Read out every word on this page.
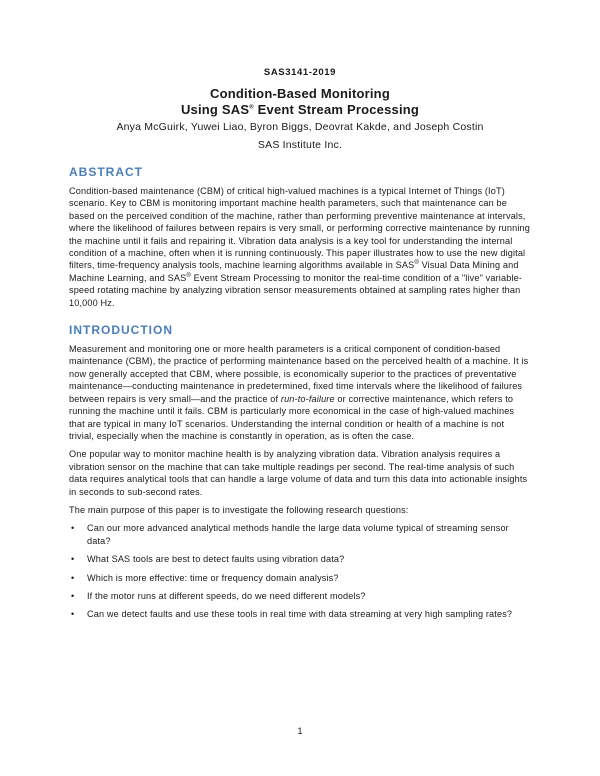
SAS3141-2019
Condition-Based Monitoring
Using SAS® Event Stream Processing
Anya McGuirk, Yuwei Liao, Byron Biggs, Deovrat Kakde, and Joseph Costin
SAS Institute Inc.
ABSTRACT

Condition-based maintenance (CBM) of critical high-valued machines is a typical Internet of Things (IoT) scenario. Key to CBM is monitoring important machine health parameters, such that maintenance can be based on the perceived condition of the machine, rather than performing preventive maintenance at intervals, where the likelihood of failures between repairs is very small, or performing corrective maintenance by running the machine until it fails and repairing it. Vibration data analysis is a key tool for understanding the internal condition of a machine, often when it is running continuously. This paper illustrates how to use the new digital filters, time-frequency analysis tools, machine learning algorithms available in SAS® Visual Data Mining and Machine Learning, and SAS® Event Stream Processing to monitor the real-time condition of a "live" variable-speed rotating machine by analyzing vibration sensor measurements obtained at sampling rates higher than 10,000 Hz.

INTRODUCTION

Measurement and monitoring one or more health parameters is a critical component of condition-based maintenance (CBM), the practice of performing maintenance based on the perceived health of a machine. It is now generally accepted that CBM, where possible, is economically superior to the practices of preventative maintenance—conducting maintenance in predetermined, fixed time intervals where the likelihood of failures between repairs is very small—and the practice of run-to-failure or corrective maintenance, which refers to running the machine until it fails. CBM is particularly more economical in the case of high-valued machines that are typical in many IoT scenarios. Understanding the internal condition or health of a machine is not trivial, especially when the machine is constantly in operation, as is often the case.

One popular way to monitor machine health is by analyzing vibration data. Vibration analysis requires a vibration sensor on the machine that can take multiple readings per second. The real-time analysis of such data requires analytical tools that can handle a large volume of data and turn this data into actionable insights in seconds to sub-second rates.

The main purpose of this paper is to investigate the following research questions:

• Can our more advanced analytical methods handle the large data volume typical of streaming sensor data?
• What SAS tools are best to detect faults using vibration data?
• Which is more effective: time or frequency domain analysis?
• If the motor runs at different speeds, do we need different models?
• Can we detect faults and use these tools in real time with data streaming at very high sampling rates?
1
